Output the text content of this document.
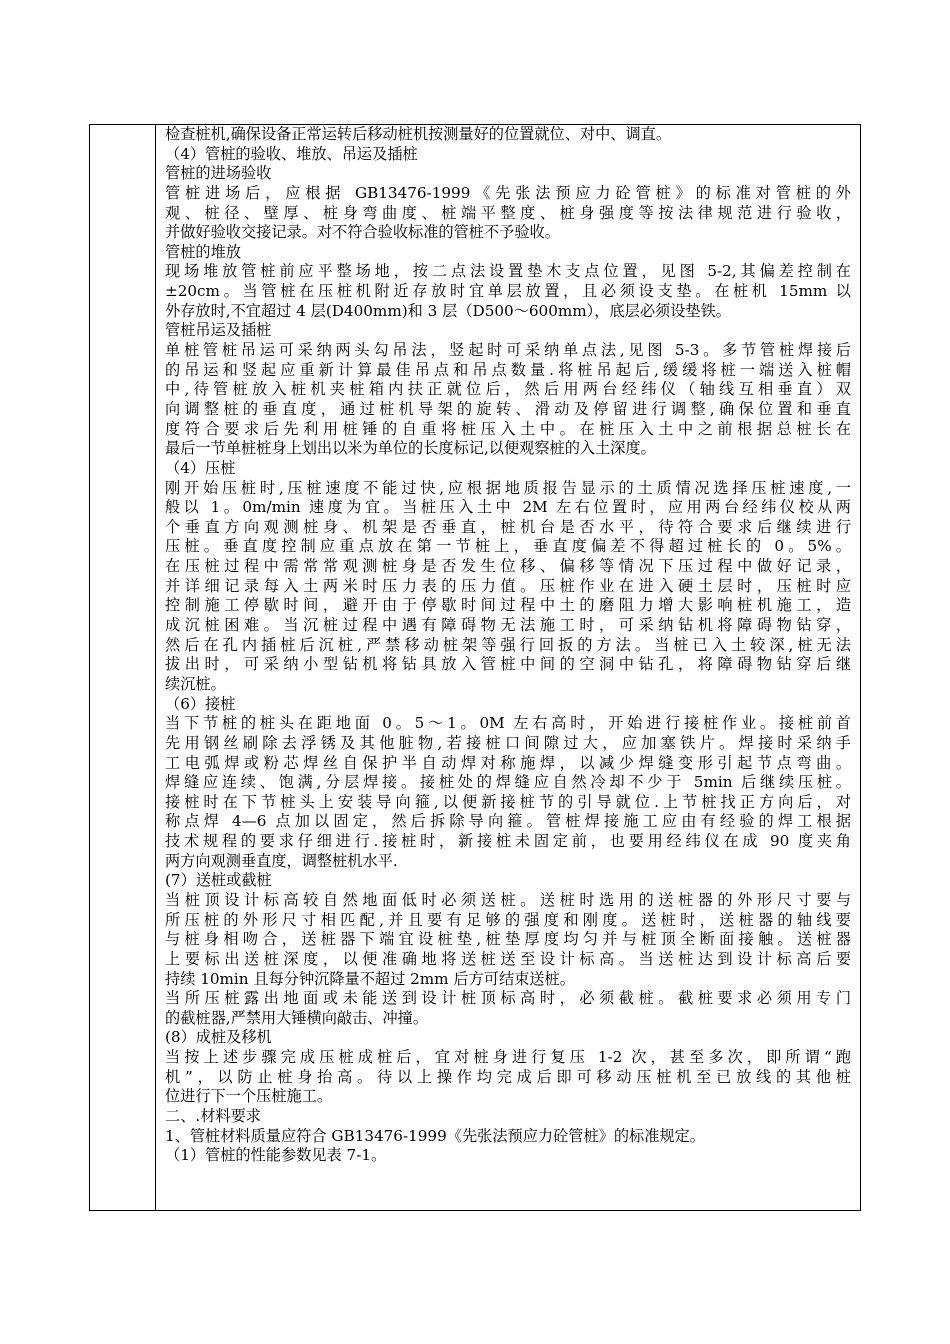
检查桩机,确保设备正常运转后移动桩机按测量好的位置就位、对中、调直。
（4）管桩的验收、堆放、吊运及插桩
管桩的进场验收
管桩进场后，应根据 GB13476-1999《先张法预应力砼管桩》的标准对管桩的外
观、桩径、壁厚、桩身弯曲度、桩端平整度、桩身强度等按法律规范进行验收，
并做好验收交接记录。对不符合验收标准的管桩不予验收。
管桩的堆放
现场堆放管桩前应平整场地，按二点法设置垫木支点位置，见图 5-2,其偏差控制在
±20cm。当管桩在压桩机附近存放时宜单层放置，且必须设支垫。在桩机 15mm 以
外存放时,不宜超过 4 层(D400mm)和 3 层（D500～600mm），底层必须设垫铁。
管桩吊运及插桩
单桩管桩吊运可采纳两头勾吊法，竖起时可采纳单点法,见图 5-3。多节管桩焊接后
的吊运和竖起应重新计算最佳吊点和吊点数量.将桩吊起后,缓缓将桩一端送入桩帽
中,待管桩放入桩机夹桩箱内扶正就位后，然后用两台经纬仪（轴线互相垂直）双
向调整桩的垂直度，通过桩机导架的旋转、滑动及停留进行调整,确保位置和垂直
度符合要求后先利用桩锤的自重将桩压入土中。在桩压入土中之前根据总桩长在
最后一节单桩桩身上划出以米为单位的长度标记,以便观察桩的入土深度。
（4）压桩
刚开始压桩时,压桩速度不能过快,应根据地质报告显示的土质情况选择压桩速度,一
般以 1。0m/min 速度为宜。当桩压入土中 2M 左右位置时，应用两台经纬仪校从两
个垂直方向观测桩身、机架是否垂直，桩机台是否水平，待符合要求后继续进行
压桩。垂直度控制应重点放在第一节桩上，垂直度偏差不得超过桩长的 0。5%。
在压桩过程中需常常观测桩身是否发生位移、偏移等情况下压过程中做好记录，
并详细记录每入土两米时压力表的压力值。压桩作业在进入硬土层时，压桩时应
控制施工停歇时间，避开由于停歇时间过程中土的磨阻力增大影响桩机施工，造
成沉桩困难。当沉桩过程中遇有障碍物无法施工时，可采纳钻机将障碍物钻穿，
然后在孔内插桩后沉桩,严禁移动桩架等强行回扳的方法。当桩已入土较深,桩无法
拔出时，可采纳小型钻机将钻具放入管桩中间的空洞中钻孔，将障碍物钻穿后继
续沉桩。
（6）接桩
当下节桩的桩头在距地面 0。5～1。0M 左右高时，开始进行接桩作业。接桩前首
先用钢丝刷除去浮锈及其他脏物,若接桩口间隙过大，应加塞铁片。焊接时采纳手
工电弧焊或粉芯焊丝自保护半自动焊对称施焊，以减少焊缝变形引起节点弯曲。
焊缝应连续、饱满,分层焊接。接桩处的焊缝应自然冷却不少于 5min 后继续压桩。
接桩时在下节桩头上安装导向箍,以便新接桩节的引导就位.上节桩找正方向后，对
称点焊 4—6 点加以固定，然后拆除导向箍。管桩焊接施工应由有经验的焊工根据
技术规程的要求仔细进行.接桩时，新接桩未固定前，也要用经纬仪在成 90 度夹角
两方向观测垂直度，调整桩机水平.
(7）送桩或截桩
当桩顶设计标高较自然地面低时必须送桩。送桩时选用的送桩器的外形尺寸要与
所压桩的外形尺寸相匹配,并且要有足够的强度和刚度。送桩时，送桩器的轴线要
与桩身相吻合，送桩器下端宜设桩垫,桩垫厚度均匀并与桩顶全断面接触。送桩器
上要标出送桩深度，以便准确地将送桩送至设计标高。当送桩达到设计标高后要
持续 10min 且每分钟沉降量不超过 2mm 后方可结束送桩。
当所压桩露出地面或未能送到设计桩顶标高时，必须截桩。截桩要求必须用专门
的截桩器,严禁用大锤横向敲击、冲撞。
(8）成桩及移机
当按上述步骤完成压桩成桩后，宜对桩身进行复压 1-2 次，甚至多次，即所谓“跑
机”，以防止桩身抬高。待以上操作均完成后即可移动压桩机至已放线的其他桩
位进行下一个压桩施工。
二、.材料要求
1、管桩材料质量应符合 GB13476-1999《先张法预应力砼管桩》的标准规定。
（1）管桩的性能参数见表 7-1。
